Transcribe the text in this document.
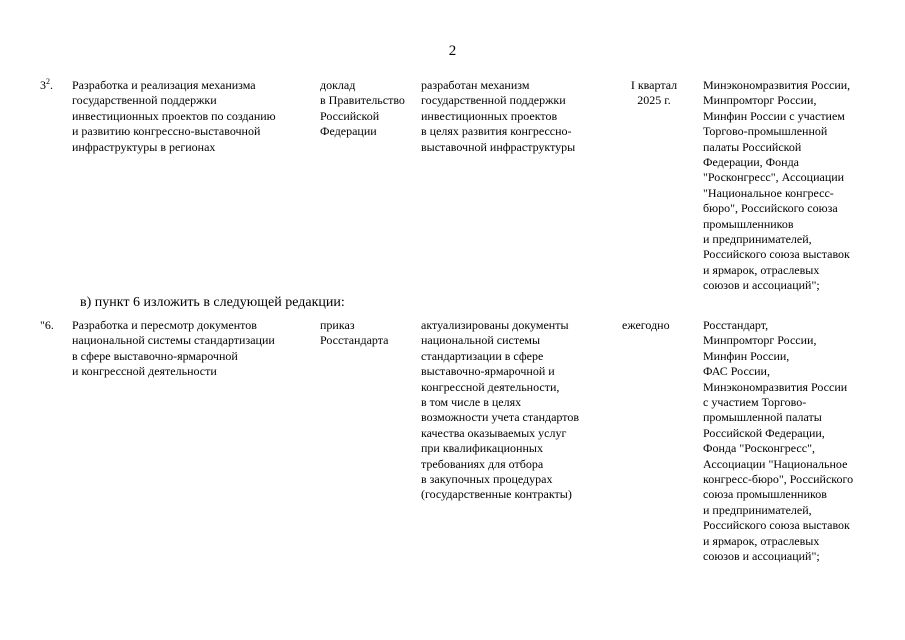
2
$3^2$. Разработка и реализация механизма
государственной поддержки
инвестиционных проектов по созданию
и развитию конгрессно-выставочной
инфраструктуры в регионах
доклад
в Правительство
Российской
Федерации
разработан механизм
государственной поддержки
инвестиционных проектов
в целях развития конгрессно-
выставочной инфраструктуры
I квартал
2025 г.
Минэкономразвития России,
Минпромторг России,
Минфин России с участием
Торгово-промышленной
палаты Российской
Федерации, Фонда
"Росконгресс", Ассоциации
"Национальное конгресс-
бюро", Российского союза
промышленников
и предпринимателей,
Российского союза выставок
и ярмарок, отраслевых
союзов и ассоциаций";
в) пункт 6 изложить в следующей редакции:
"6. Разработка и пересмотр документов
национальной системы стандартизации
в сфере выставочно-ярмарочной
и конгрессной деятельности
приказ
Росстандарта
актуализированы документы
национальной системы
стандартизации в сфере
выставочно-ярмарочной и
конгрессной деятельности,
в том числе в целях
возможности учета стандартов
качества оказываемых услуг
при квалификационных
требованиях для отбора
в закупочных процедурах
(государственные контракты)
ежегодно	Росстандарт,
Минпромторг России,
Минфин России,
ФАС России,
Минэкономразвития России
с участием Торгово-
промышленной палаты
Российской Федерации,
Фонда "Росконгресс",
Ассоциации "Национальное
конгресс-бюро", Российского
союза промышленников
и предпринимателей,
Российского союза выставок
и ярмарок, отраслевых
союзов и ассоциаций";
